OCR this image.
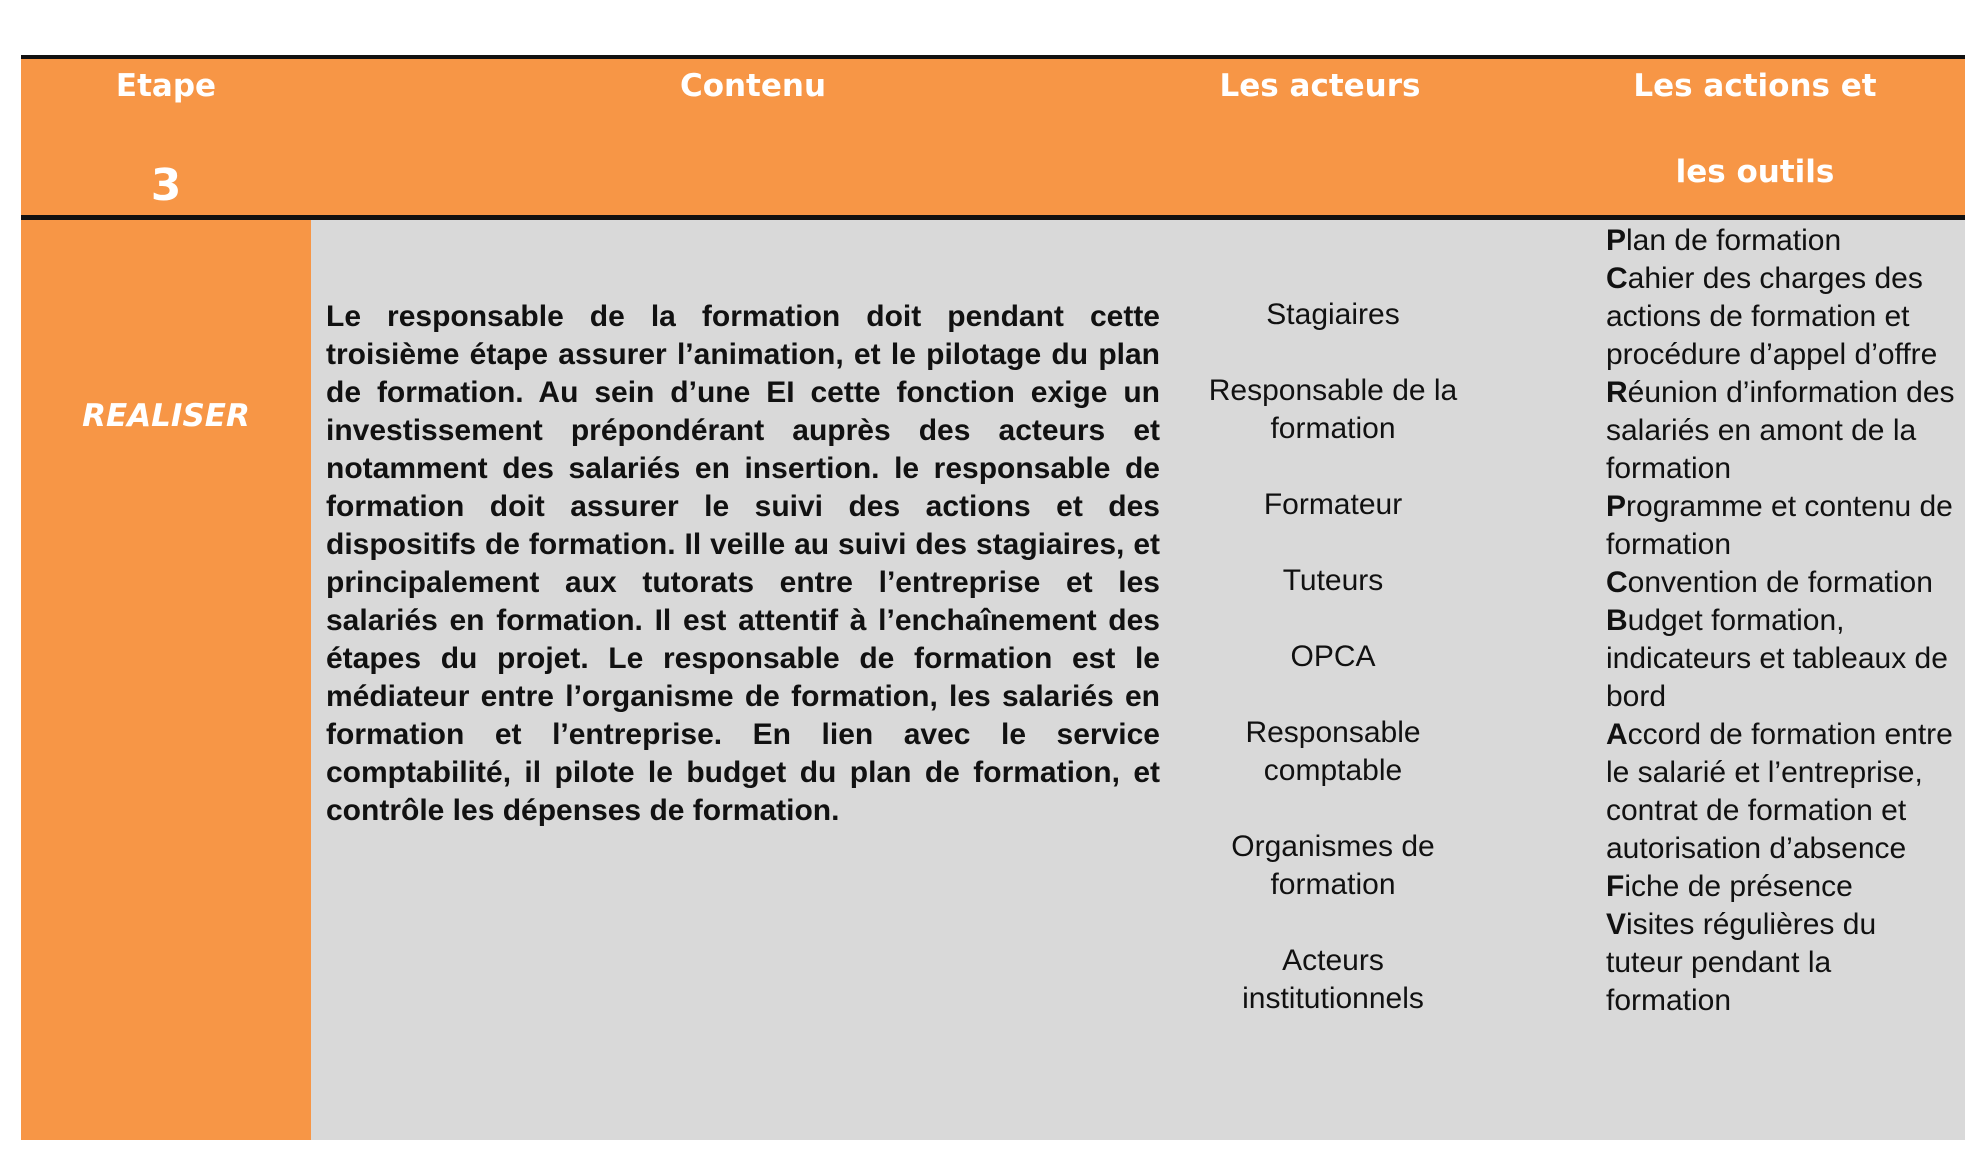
Etape
3
Contenu	Les acteurs	Les actions et
les outils
REALISER
Le responsable de la formation doit pendant cette troisième étape assurer l’animation, et le pilotage du plan de formation. Au sein d’une EI cette fonction exige un investissement prépondérant auprès des acteurs et notamment des salariés en insertion. le responsable de formation doit assurer le suivi des actions et des dispositifs de formation. Il veille au suivi des stagiaires, et principalement aux tutorats entre l’entreprise et les salariés en formation. Il est attentif à l’enchaînement des étapes du projet. Le responsable de formation est le médiateur entre l’organisme de formation, les salariés en formation et l’entreprise. En lien avec le service comptabilité, il pilote le budget du plan de formation, et contrôle les dépenses de formation.
Stagiaires
Responsable de la formation
Formateur
Tuteurs
OPCA
Responsable comptable
Organismes de formation
Acteurs institutionnels
Plan de formation
Cahier des charges des actions de formation et procédure d’appel d’offre
Réunion d’information des salariés en amont de la formation
Programme et contenu de formation
Convention de formation
Budget formation, indicateurs et tableaux de bord
Accord de formation entre le salarié et l’entreprise, contrat de formation et autorisation d’absence
Fiche de présence
Visites régulières du tuteur pendant la formation
